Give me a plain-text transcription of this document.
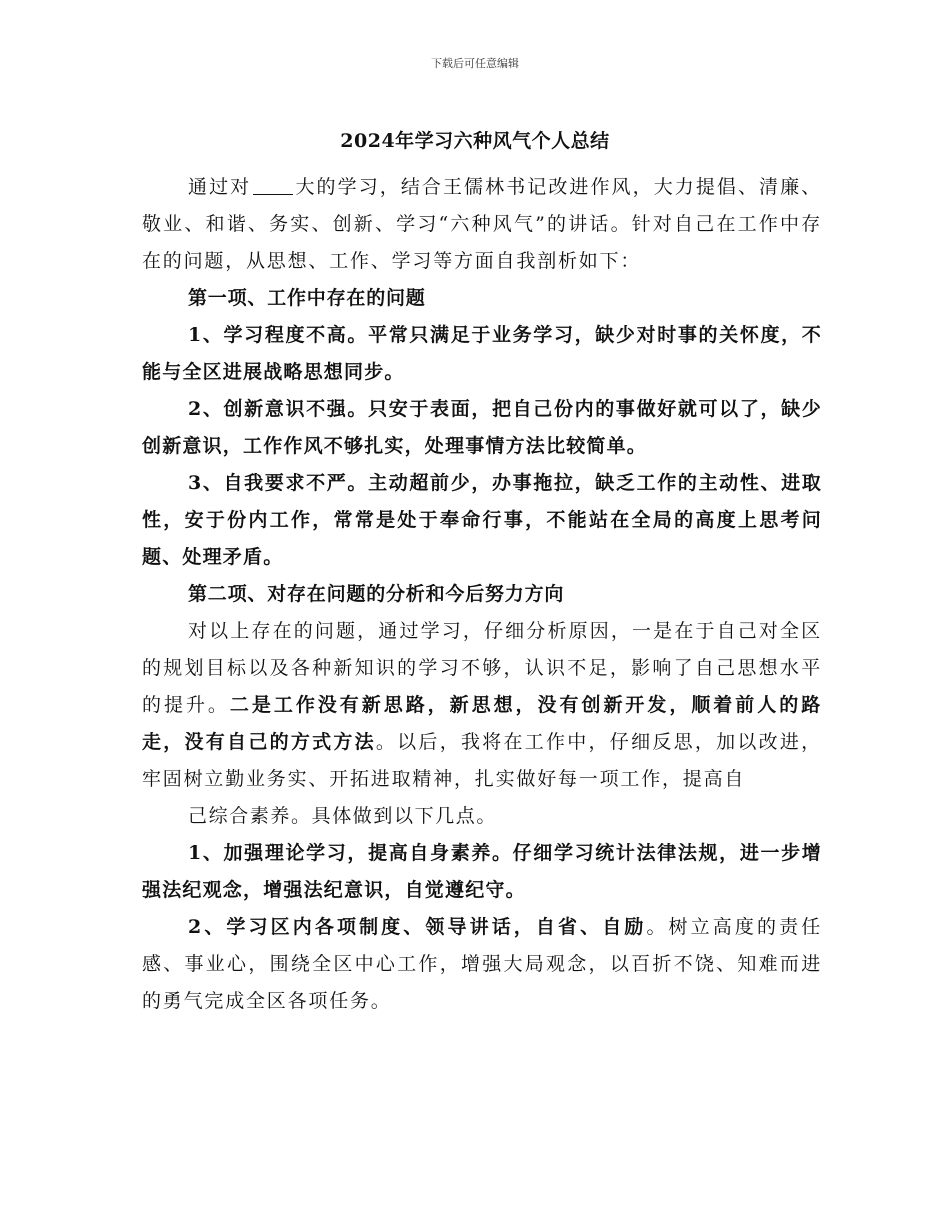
下载后可任意编辑
2024年学习六种风气个人总结

通过对 大的学习，结合王儒林书记改进作风，大力提倡、清廉、敬业、和谐、务实、创新、学习“六种风气”的讲话。针对自己在工作中存在的问题，从思想、工作、学习等方面自我剖析如下：

第一项、工作中存在的问题

1、学习程度不高。平常只满足于业务学习，缺少对时事的关怀度，不能与全区进展战略思想同步。

2、创新意识不强。只安于表面，把自己份内的事做好就可以了，缺少创新意识，工作作风不够扎实，处理事情方法比较简单。

3、自我要求不严。主动超前少，办事拖拉，缺乏工作的主动性、进取性，安于份内工作，常常是处于奉命行事，不能站在全局的高度上思考问题、处理矛盾。

第二项、对存在问题的分析和今后努力方向

对以上存在的问题，通过学习，仔细分析原因，一是在于自己对全区的规划目标以及各种新知识的学习不够，认识不足，影响了自己思想水平的提升。二是工作没有新思路，新思想，没有创新开发，顺着前人的路走，没有自己的方式方法。以后，我将在工作中，仔细反思，加以改进，牢固树立勤业务实、开拓进取精神，扎实做好每一项工作，提高自

己综合素养。具体做到以下几点。

1、加强理论学习，提高自身素养。仔细学习统计法律法规，进一步增强法纪观念，增强法纪意识，自觉遵纪守。

2、学习区内各项制度、领导讲话，自省、自励。树立高度的责任感、事业心，围绕全区中心工作，增强大局观念，以百折不饶、知难而进的勇气完成全区各项任务。
